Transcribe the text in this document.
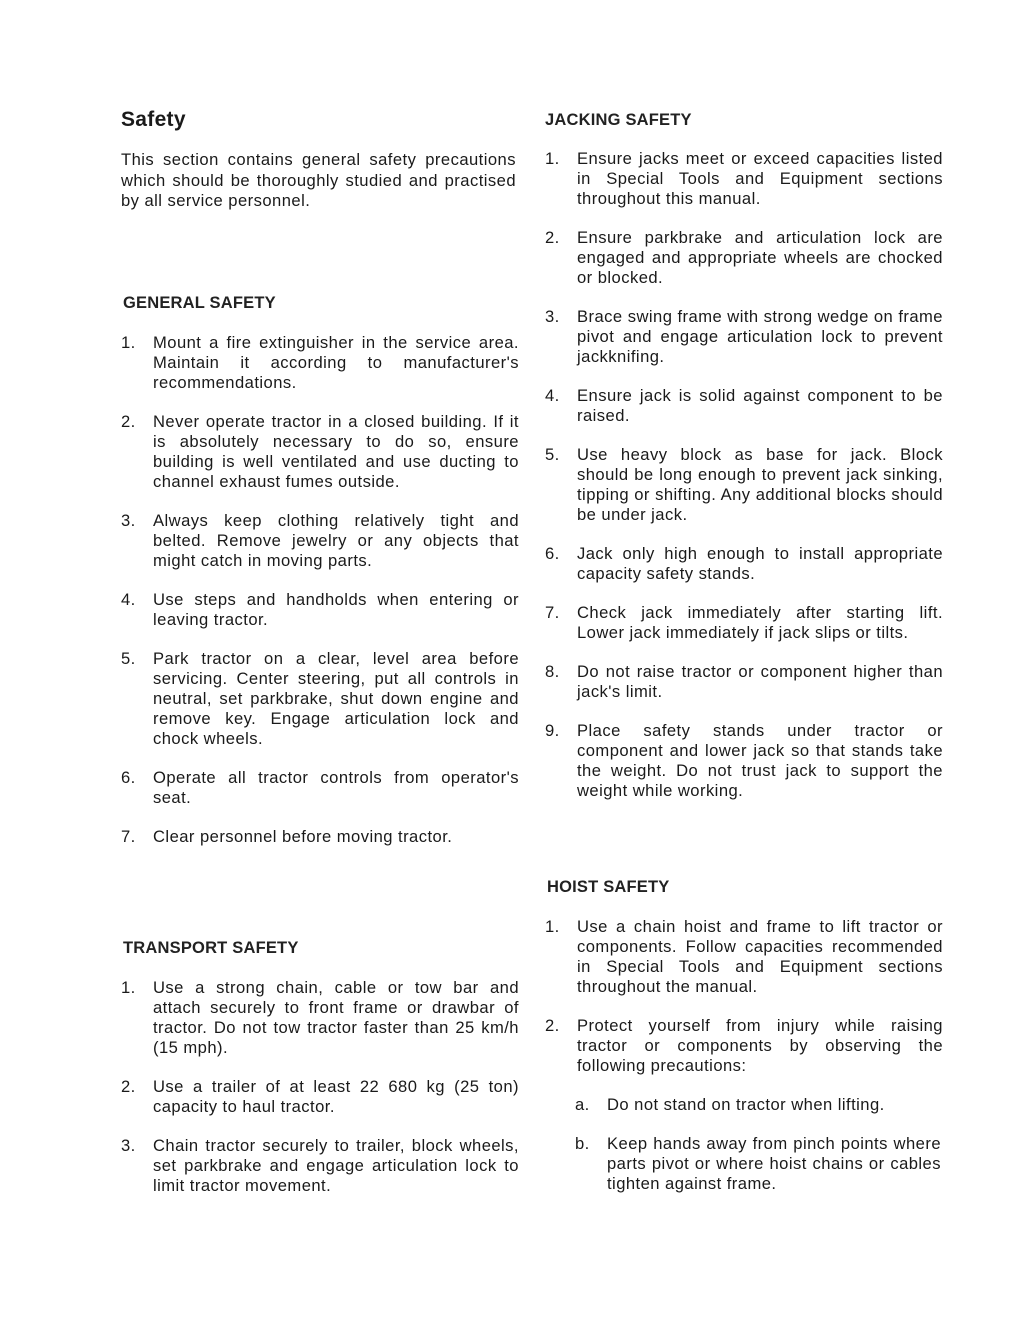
Safety

This section contains general safety precautions which should be thoroughly studied and practised by all service personnel.

GENERAL SAFETY
1. Mount a fire extinguisher in the service area. Maintain it according to manufacturer's recommendations.
2. Never operate tractor in a closed building. If it is absolutely necessary to do so, ensure building is well ventilated and use ducting to channel exhaust fumes outside.
3. Always keep clothing relatively tight and belted. Remove jewelry or any objects that might catch in moving parts.
4. Use steps and handholds when entering or leaving tractor.
5. Park tractor on a clear, level area before servicing. Center steering, put all controls in neutral, set parkbrake, shut down engine and remove key. Engage articulation lock and chock wheels.
6. Operate all tractor controls from operator's seat.
7. Clear personnel before moving tractor.
TRANSPORT SAFETY
1. Use a strong chain, cable or tow bar and attach securely to front frame or drawbar of tractor. Do not tow tractor faster than 25 km/h (15 mph).
2. Use a trailer of at least 22 680 kg (25 ton) capacity to haul tractor.
3. Chain tractor securely to trailer, block wheels, set parkbrake and engage articulation lock to limit tractor movement.
JACKING SAFETY
1. Ensure jacks meet or exceed capacities listed in Special Tools and Equipment sections throughout this manual.
2. Ensure parkbrake and articulation lock are engaged and appropriate wheels are chocked or blocked.
3. Brace swing frame with strong wedge on frame pivot and engage articulation lock to prevent jackknifing.
4. Ensure jack is solid against component to be raised.
5. Use heavy block as base for jack. Block should be long enough to prevent jack sinking, tipping or shifting. Any additional blocks should be under jack.
6. Jack only high enough to install appropriate capacity safety stands.
7. Check jack immediately after starting lift. Lower jack immediately if jack slips or tilts.
8. Do not raise tractor or component higher than jack's limit.
9. Place safety stands under tractor or component and lower jack so that stands take the weight. Do not trust jack to support the weight while working.
HOIST SAFETY
1. Use a chain hoist and frame to lift tractor or components. Follow capacities recommended in Special Tools and Equipment sections throughout the manual.
2. Protect yourself from injury while raising tractor or components by observing the following precautions:
a. Do not stand on tractor when lifting.
b. Keep hands away from pinch points where parts pivot or where hoist chains or cables tighten against frame.
